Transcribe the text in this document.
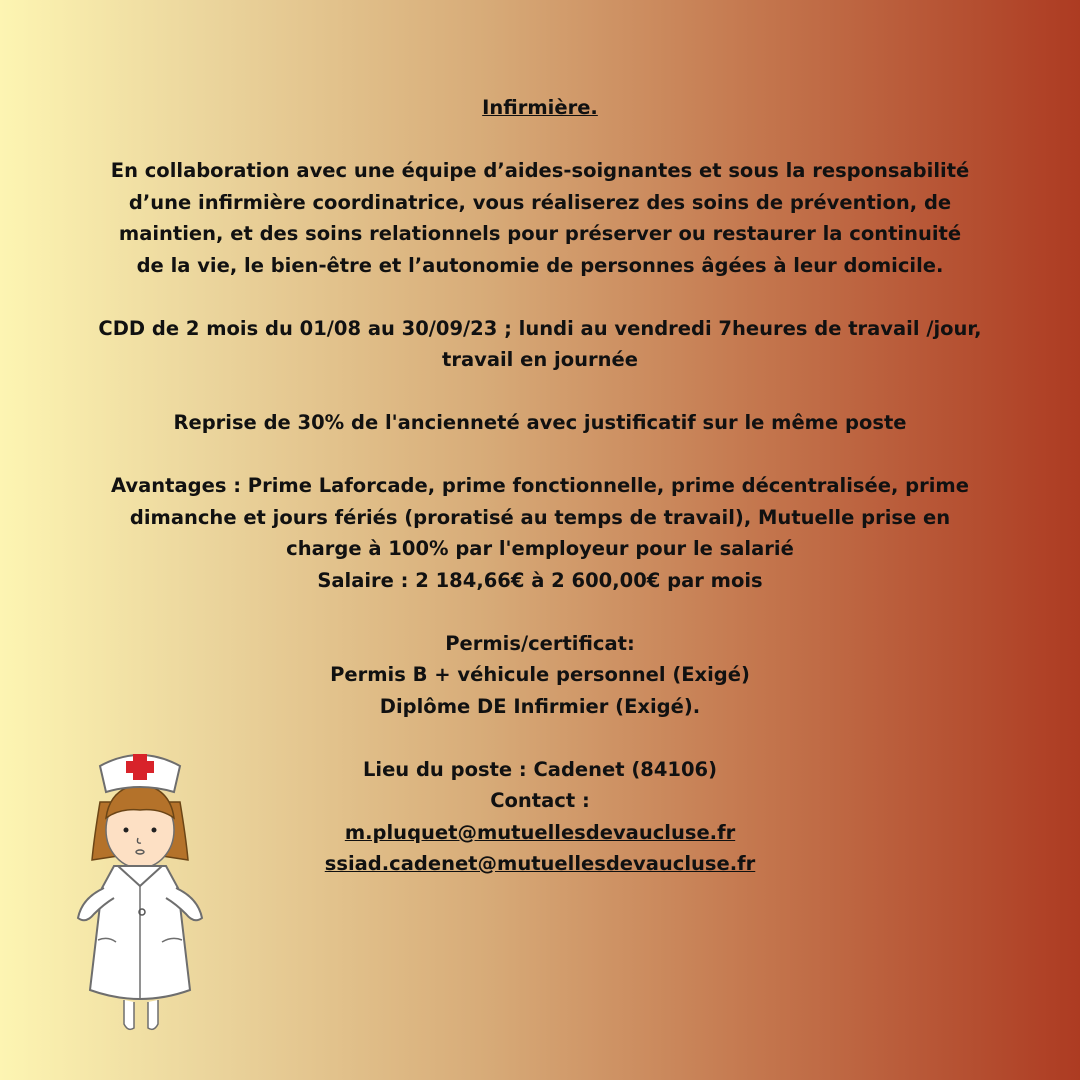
Infirmière.

En collaboration avec une équipe d’aides-soignantes et sous la responsabilité
d’une infirmière coordinatrice, vous réaliserez des soins de prévention, de
maintien, et des soins relationnels pour préserver ou restaurer la continuité
de la vie, le bien-être et l’autonomie de personnes âgées à leur domicile.

CDD de 2 mois du 01/08 au 30/09/23 ; lundi au vendredi 7heures de travail /jour,
travail en journée

Reprise de 30% de l'ancienneté avec justificatif sur le même poste

Avantages : Prime Laforcade, prime fonctionnelle, prime décentralisée, prime
dimanche et jours fériés (proratisé au temps de travail), Mutuelle prise en
charge à 100% par l'employeur pour le salarié
Salaire : 2 184,66€ à 2 600,00€ par mois

Permis/certificat:
Permis B + véhicule personnel (Exigé)
Diplôme DE Infirmier (Exigé).

Lieu du poste : Cadenet (84106)
Contact :
m.pluquet@mutuellesdevaucluse.fr
ssiad.cadenet@mutuellesdevaucluse.fr
